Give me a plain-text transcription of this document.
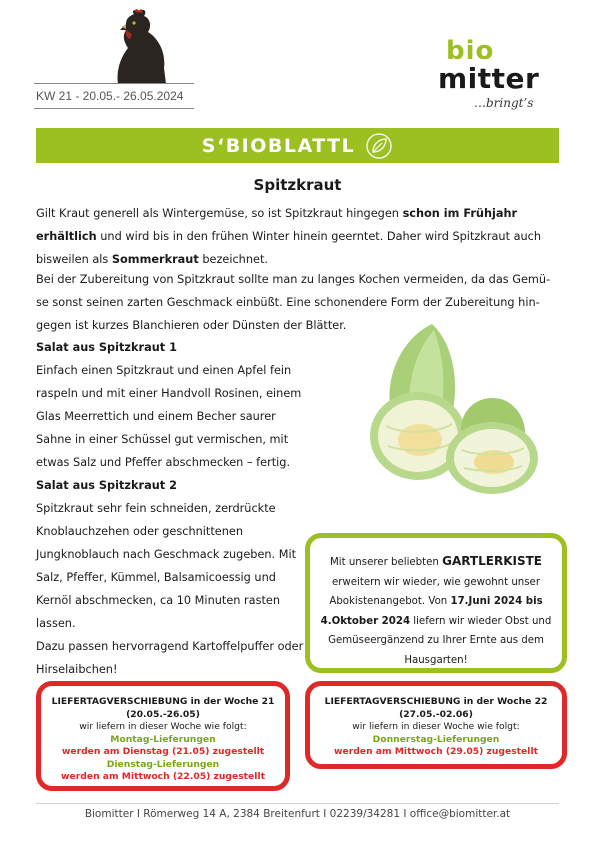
KW 21 - 20.05.- 26.05.2024
bio
mitter
…bringt’s
S‘BIOBLATTL
Spitzkraut

Gilt Kraut generell als Wintergemüse, so ist Spitzkraut hingegen schon im Frühjahr erhältlich und wird bis in den frühen Winter hinein geerntet. Daher wird Spitzkraut auch bisweilen als Sommerkraut bezeichnet.

Bei der Zubereitung von Spitzkraut sollte man zu langes Kochen vermeiden, da das Gemü- se sonst seinen zarten Geschmack einbüßt. Eine schonendere Form der Zubereitung hin- gegen ist kurzes Blanchieren oder Dünsten der Blätter.

Salat aus Spitzkraut 1
Einfach einen Spitzkraut und einen Apfel fein raspeln und mit einer Handvoll Rosinen, einem Glas Meerrettich und einem Becher saurer Sahne in einer Schüssel gut vermischen, mit etwas Salz und Pfeffer abschmecken – fertig.
Salat aus Spitzkraut 2
Spitzkraut sehr fein schneiden, zerdrückte Knoblauchzehen oder geschnittenen Jungknoblauch nach Geschmack zugeben. Mit Salz, Pfeffer, Kümmel, Balsamicoessig und Kernöl abschmecken, ca 10 Minuten rasten lassen.
Dazu passen hervorragend Kartoffelpuffer oder Hirselaibchen!
Mit unserer beliebten GARTLERKISTE erweitern wir wieder, wie gewohnt unser Abokistenangebot. Von 17.Juni 2024 bis 4.Oktober 2024 liefern wir wieder Obst und Gemüseergänzend zu Ihrer Ernte aus dem Hausgarten!
LIEFERTAGVERSCHIEBUNG in der Woche 21
(20.05.-26.05)
wir liefern in dieser Woche wie folgt:
Montag-Lieferungen
werden am Dienstag (21.05) zugestellt
Dienstag-Lieferungen
werden am Mittwoch (22.05) zugestellt
LIEFERTAGVERSCHIEBUNG in der Woche 22
(27.05.-02.06)
wir liefern in dieser Woche wie folgt:
Donnerstag-Lieferungen
werden am Mittwoch (29.05) zugestellt
Biomitter I Römerweg 14 A, 2384 Breitenfurt I 02239/34281 I office@biomitter.at
